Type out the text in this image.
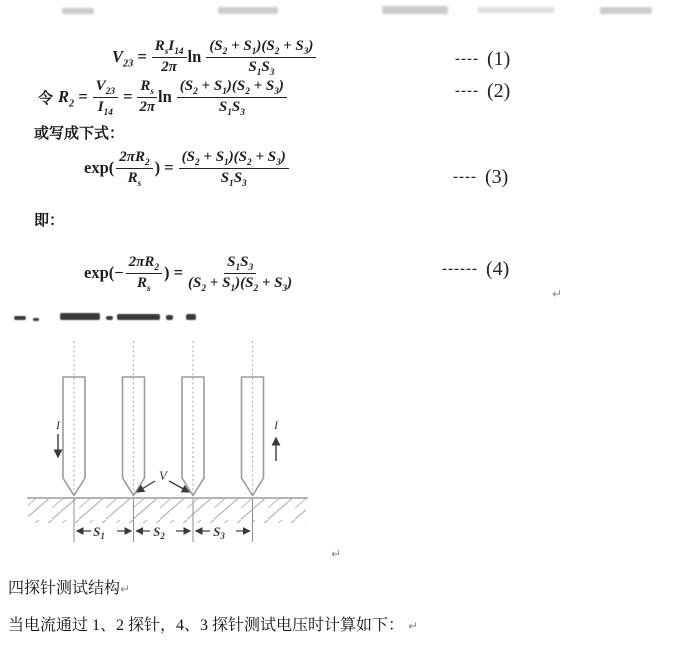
$V_{23} = \frac{R_sI_{14}}{2\pi}$ $\ln \frac{(S_2 + S_1)(S_2 + S_3)}{S_1S_3}$	---- (1)
令 $R_2 = \frac{V_{23}}{I_{14}} = \frac{R_s}{2\pi}$ $\ln \frac{(S_2 + S_1)(S_2 + S_3)}{S_1S_3}$	---- (2)
或写成下式：
$\exp( \frac{2\pi R_2}{R_s}$ ) = $\frac{(S_2 + S_1)(S_2 + S_3)}{S_1S_3}$	---- (3)
即：
$\exp(- \frac{2\pi R_2}{R_s}$ ) = $\frac{S_1S_3}{(S_2 + S_1)(S_2 + S_3)}$	------ (4)
↵
I	I
V
$S_1$	$S_2$	$S_3$
↵
四探针测试结构↵
当电流通过 1、2 探针，4、3 探针测试电压时计算如下： ↵
